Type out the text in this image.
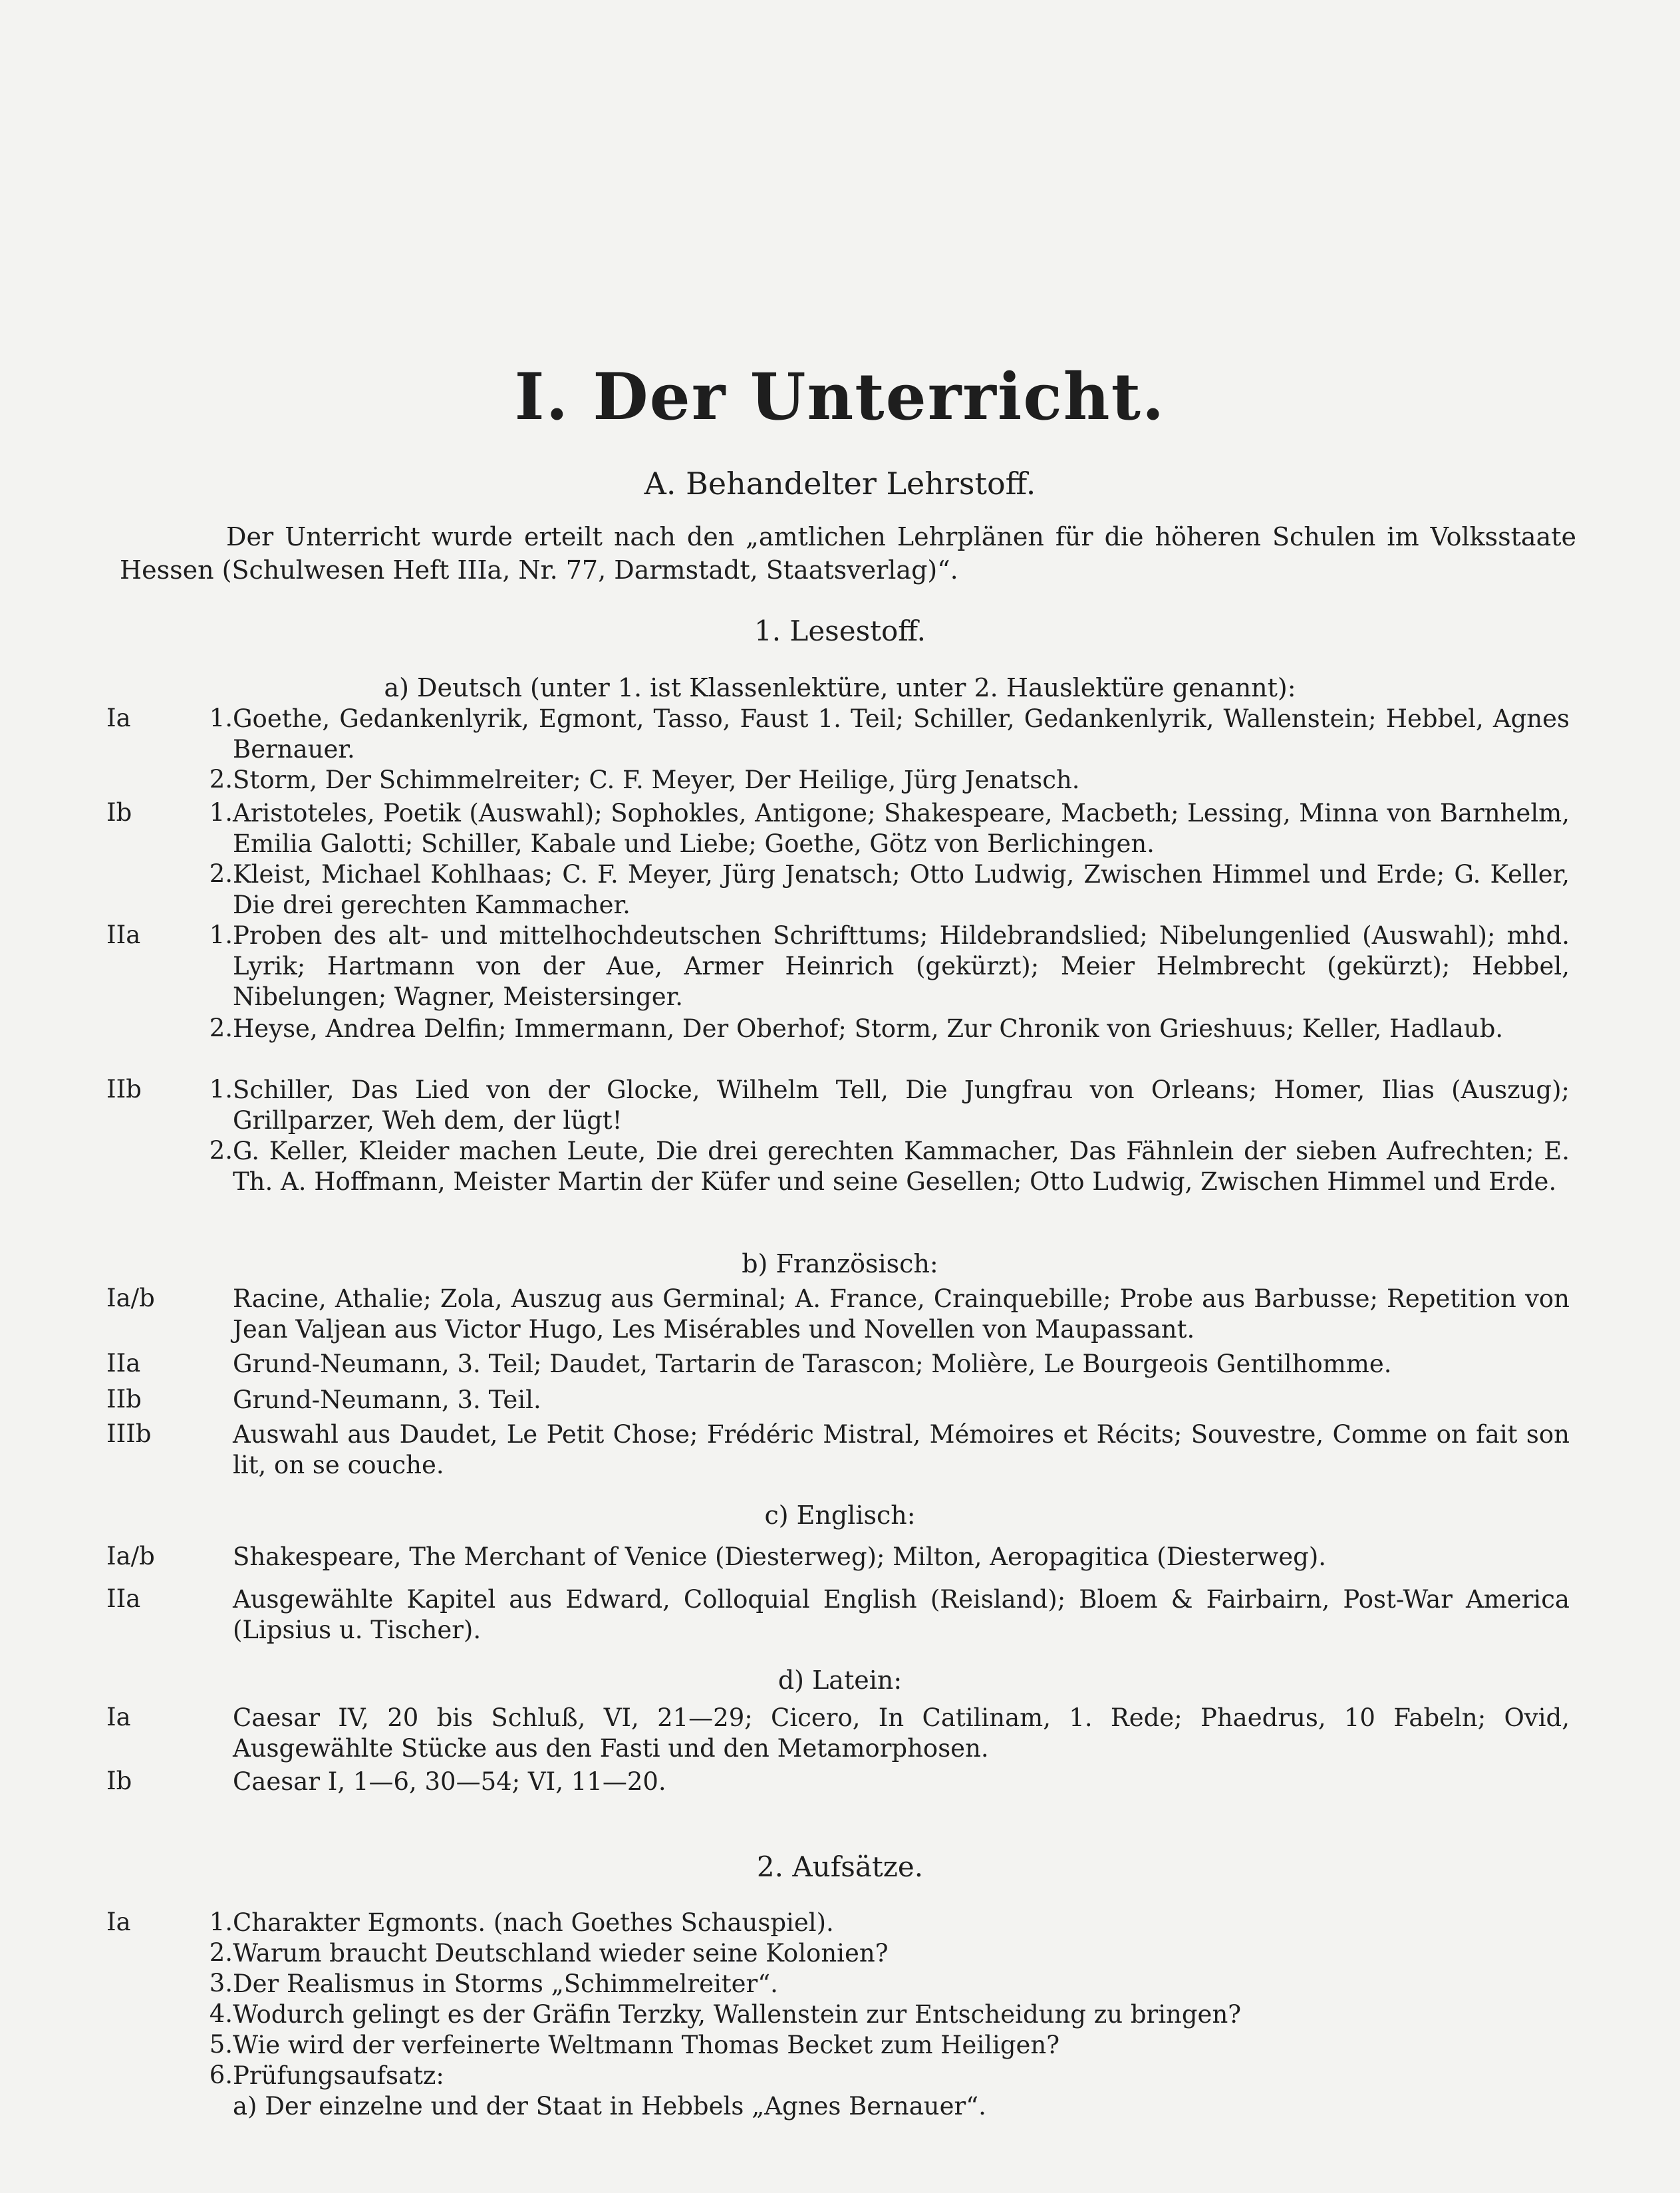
I. Der Unterricht.
A. Behandelter Lehrstoff.
Der Unterricht wurde erteilt nach den „amtlichen Lehrplänen für die höheren Schulen im Volksstaate Hessen (Schulwesen Heft IIIa, Nr. 77, Darmstadt, Staatsverlag)“.
1. Lesestoff.
a) Deutsch (unter 1. ist Klassenlektüre, unter 2. Hauslektüre genannt):
Ia	1. Goethe, Gedankenlyrik, Egmont, Tasso, Faust 1. Teil; Schiller, Gedankenlyrik, Wallenstein; Hebbel, Agnes Bernauer.
2. Storm, Der Schimmelreiter; C. F. Meyer, Der Heilige, Jürg Jenatsch.
Ib	1. Aristoteles, Poetik (Auswahl); Sophokles, Antigone; Shakespeare, Macbeth; Lessing, Minna von Barnhelm, Emilia Galotti; Schiller, Kabale und Liebe; Goethe, Götz von Berlichingen.
2. Kleist, Michael Kohlhaas; C. F. Meyer, Jürg Jenatsch; Otto Ludwig, Zwischen Himmel und Erde; G. Keller, Die drei gerechten Kammacher.
IIa	1. Proben des alt- und mittelhochdeutschen Schrifttums; Hildebrandslied; Nibelungenlied (Auswahl); mhd. Lyrik; Hartmann von der Aue, Armer Heinrich (gekürzt); Meier Helmbrecht (gekürzt); Hebbel, Nibelungen; Wagner, Meistersinger.
2. Heyse, Andrea Delfin; Immermann, Der Oberhof; Storm, Zur Chronik von Grieshuus; Keller, Hadlaub.
IIb	1. Schiller, Das Lied von der Glocke, Wilhelm Tell, Die Jungfrau von Orleans; Homer, Ilias (Auszug); Grillparzer, Weh dem, der lügt!
2. G. Keller, Kleider machen Leute, Die drei gerechten Kammacher, Das Fähnlein der sieben Aufrechten; E. Th. A. Hoffmann, Meister Martin der Küfer und seine Gesellen; Otto Ludwig, Zwischen Himmel und Erde.
b) Französisch:
Ia/b	Racine, Athalie; Zola, Auszug aus Germinal; A. France, Crainquebille; Probe aus Barbusse; Repetition von Jean Valjean aus Victor Hugo, Les Misérables und Novellen von Maupassant.
IIa	Grund-Neumann, 3. Teil; Daudet, Tartarin de Tarascon; Molière, Le Bourgeois Gentilhomme.
IIb	Grund-Neumann, 3. Teil.
IIIb	Auswahl aus Daudet, Le Petit Chose; Frédéric Mistral, Mémoires et Récits; Souvestre, Comme on fait son lit, on se couche.
c) Englisch:
Ia/b	Shakespeare, The Merchant of Venice (Diesterweg); Milton, Aeropagitica (Diesterweg).
IIa	Ausgewählte Kapitel aus Edward, Colloquial English (Reisland); Bloem & Fairbairn, Post-War America (Lipsius u. Tischer).
d) Latein:
Ia	Caesar IV, 20 bis Schluß, VI, 21—29; Cicero, In Catilinam, 1. Rede; Phaedrus, 10 Fabeln; Ovid, Ausgewählte Stücke aus den Fasti und den Metamorphosen.
Ib	Caesar I, 1—6, 30—54; VI, 11—20.
2. Aufsätze.
Ia	1. Charakter Egmonts. (nach Goethes Schauspiel).
2. Warum braucht Deutschland wieder seine Kolonien?
3. Der Realismus in Storms „Schimmelreiter“.
4. Wodurch gelingt es der Gräfin Terzky, Wallenstein zur Entscheidung zu bringen?
5. Wie wird der verfeinerte Weltmann Thomas Becket zum Heiligen?
6. Prüfungsaufsatz:
a) Der einzelne und der Staat in Hebbels „Agnes Bernauer“.
